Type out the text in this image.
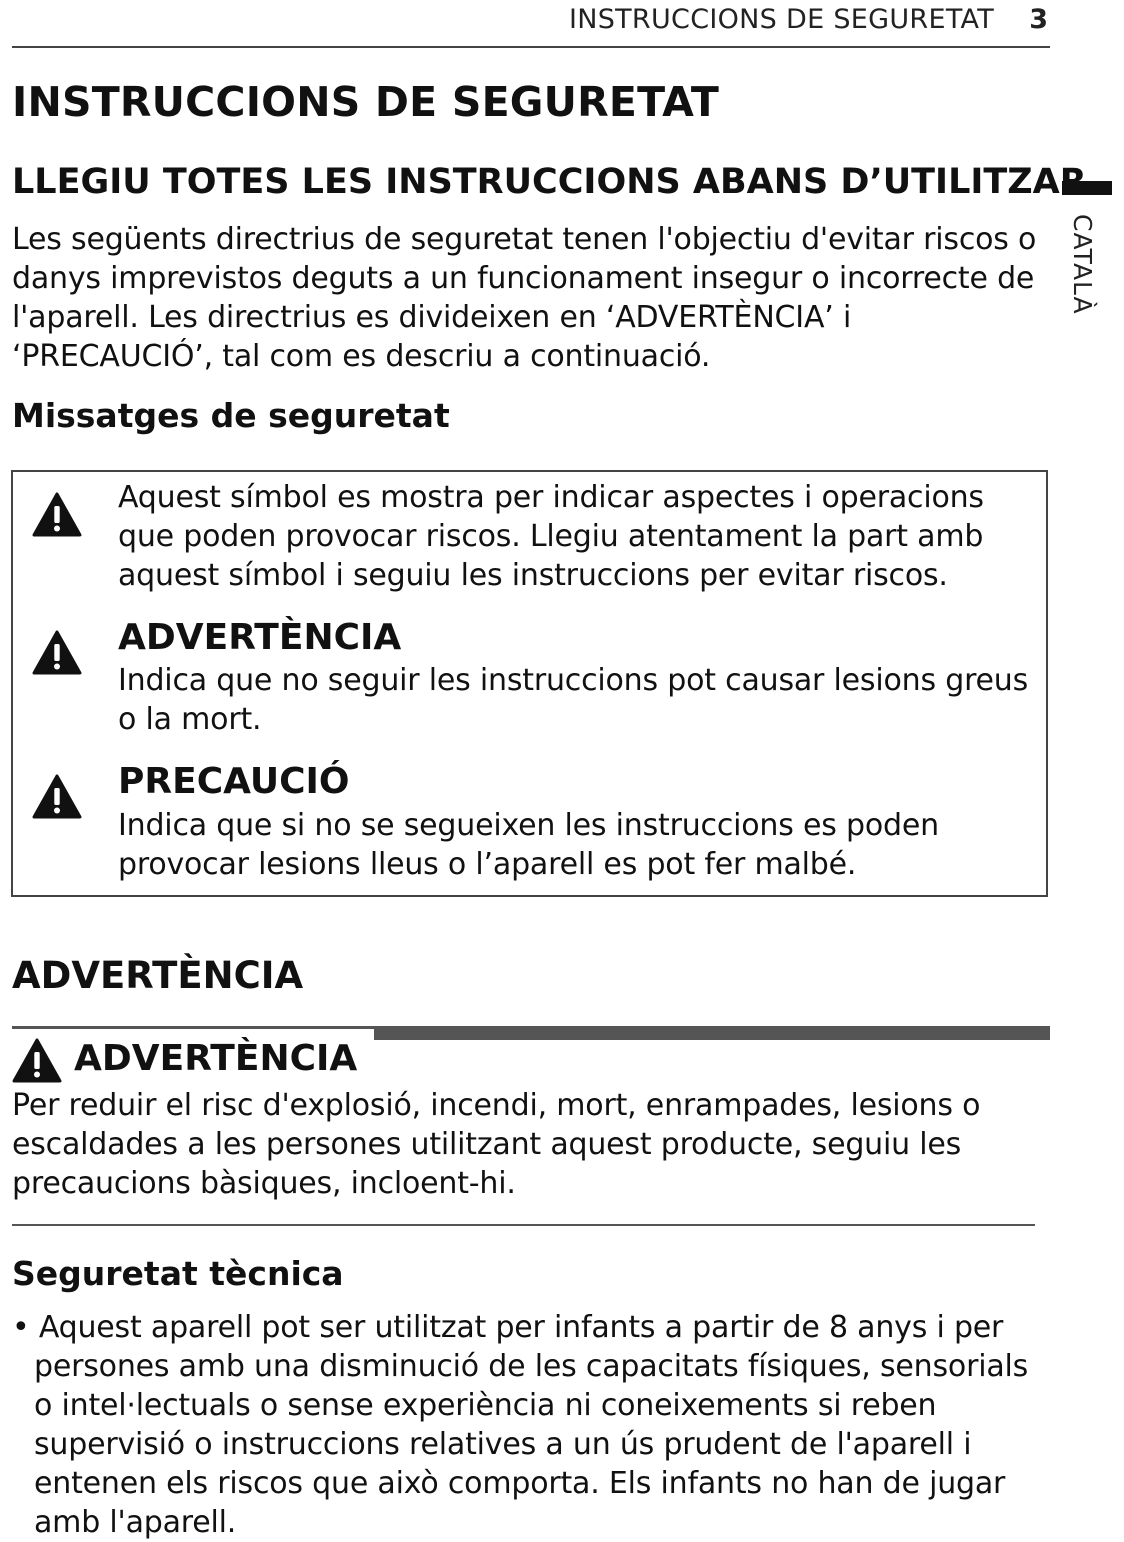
INSTRUCCIONS DE SEGURETAT 3
CATALÀ
INSTRUCCIONS DE SEGURETAT
LLEGIU TOTES LES INSTRUCCIONS ABANS D’UTILITZAR
Les següents directrius de seguretat tenen l'objectiu d'evitar riscos o danys imprevistos deguts a un funcionament insegur o incorrecte de l'aparell. Les directrius es divideixen en ‘ADVERTÈNCIA’ i ‘PRECAUCIÓ’, tal com es descriu a continuació.
Missatges de seguretat
Aquest símbol es mostra per indicar aspectes i operacions que poden provocar riscos. Llegiu atentament la part amb aquest símbol i seguiu les instruccions per evitar riscos.
ADVERTÈNCIA
Indica que no seguir les instruccions pot causar lesions greus o la mort.
PRECAUCIÓ
Indica que si no se segueixen les instruccions es poden provocar lesions lleus o l’aparell es pot fer malbé.
ADVERTÈNCIA
ADVERTÈNCIA
Per reduir el risc d'explosió, incendi, mort, enrampades, lesions o escaldades a les persones utilitzant aquest producte, seguiu les precaucions bàsiques, incloent-hi.
Seguretat tècnica
• Aquest aparell pot ser utilitzat per infants a partir de 8 anys i per persones amb una disminució de les capacitats físiques, sensorials o intel·lectuals o sense experiència ni coneixements si reben supervisió o instruccions relatives a un ús prudent de l'aparell i entenen els riscos que això comporta. Els infants no han de jugar amb l'aparell.
